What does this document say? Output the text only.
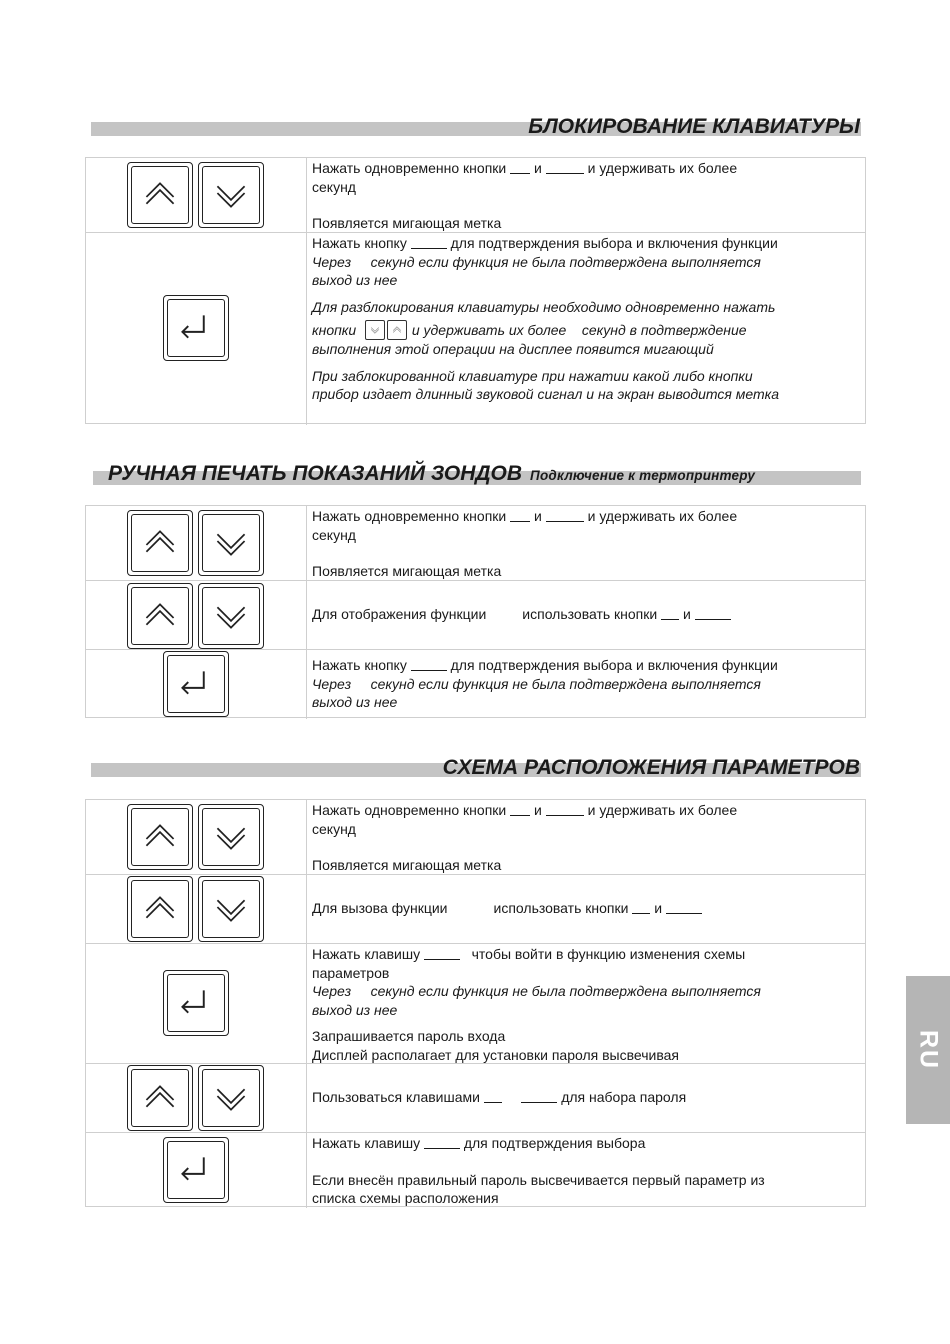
БЛОКИРОВАНИЕ КЛАВИАТУРЫ

Нажать одновременно кнопки и	и удерживать их более

секунд

Появляется мигающая метка

Нажать кнопку	для подтверждения выбора и включения функции

Через секунд если функция не была подтверждена выполняется

выход из нее

Для разблокирования клавиатуры необходимо одновременно нажать

кнопки	и удерживать их более секунд в подтверждение

выполнения этой операции на дисплее появится мигающий

При заблокированной клавиатуре при нажатии какой либо кнопки

прибор издает длинный звуковой сигнал и на экран выводится метка

РУЧНАЯ ПЕЧАТЬ ПОКАЗАНИЙ ЗОНДОВ Подключение к термопринтеру

Нажать одновременно кнопки и	и удерживать их более

секунд

Появляется мигающая метка

Для отображения функции	использовать кнопки и

Нажать кнопку	для подтверждения выбора и включения функции

Через секунд если функция не была подтверждена выполняется

выход из нее

СХЕМА РАСПОЛОЖЕНИЯ ПАРАМЕТРОВ

Нажать одновременно кнопки и	и удерживать их более

секунд

Появляется мигающая метка

Для вызова функции	использовать кнопки и

Нажать клавишу	чтобы войти в функцию изменения схемы

параметров

Через секунд если функция не была подтверждена выполняется

выход из нее

Запрашивается пароль входа

Дисплей располагает для установки пароля высвечивая

Пользоваться клавишами	для набора пароля

Нажать клавишу	для подтверждения выбора

Если внесён правильный пароль высвечивается первый параметр из

списка схемы расположения

RU
